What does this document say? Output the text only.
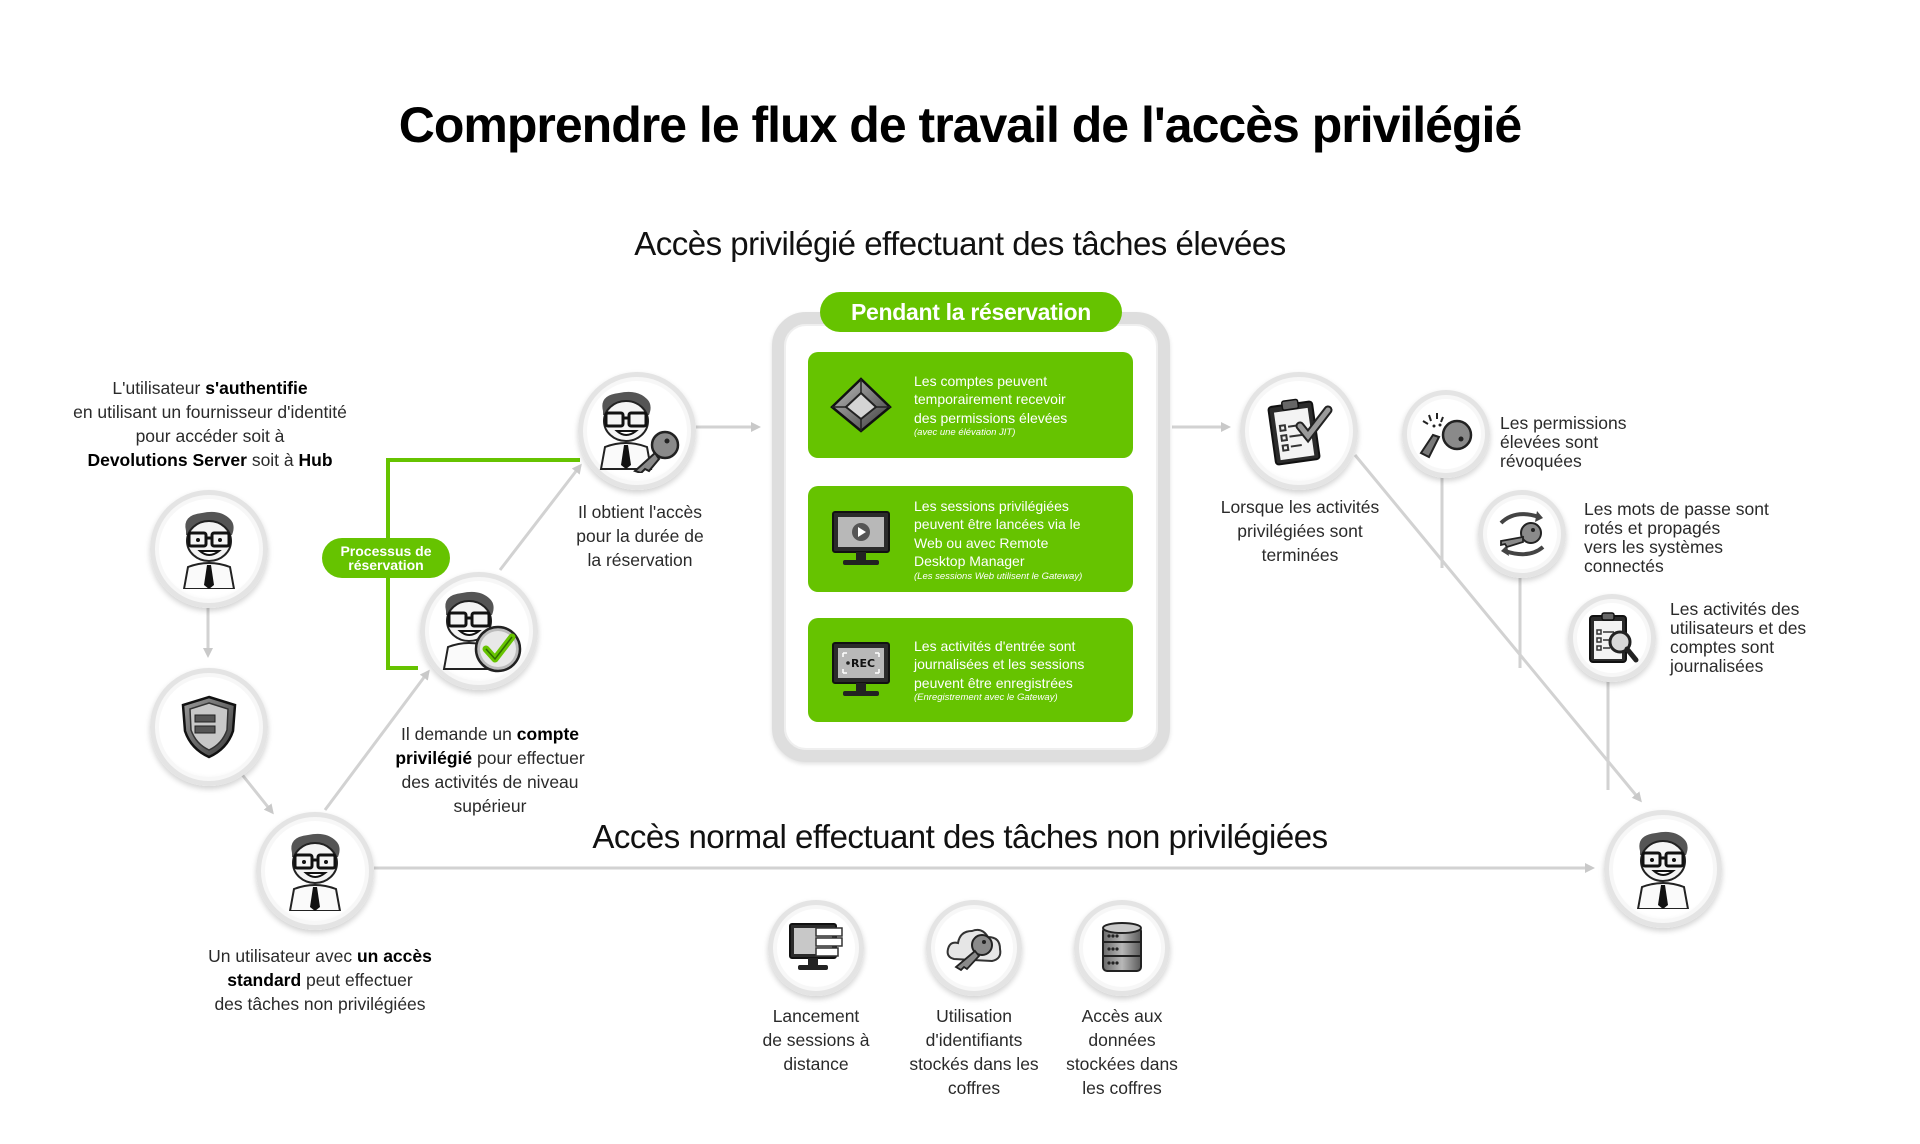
Comprendre le flux de travail de l'accès privilégié
Accès privilégié effectuant des tâches élevées
Accès normal effectuant des tâches non privilégiées
L'utilisateur s'authentifie
en utilisant un fournisseur d'identité
pour accéder soit à
Devolutions Server soit à Hub
Un utilisateur avec un accès
standard peut effectuer
des tâches non privilégiées
Processus de
réservation
Il demande un compte
privilégié pour effectuer
des activités de niveau
supérieur
Il obtient l'accès
pour la durée de
la réservation
Pendant la réservation
Les comptes peuvent
temporairement recevoir
des permissions élevées
(avec une élévation JIT)
Les sessions privilégiées
peuvent être lancées via le
Web ou avec Remote
Desktop Manager
(Les sessions Web utilisent le Gateway)
REC
Les activités d'entrée sont
journalisées et les sessions
peuvent être enregistrées
(Enregistrement avec le Gateway)
Lorsque les activités
privilégiées sont
terminées
Les permissions
élevées sont
révoquées
Les mots de passe sont
rotés et propagés
vers les systèmes
connectés
Les activités des
utilisateurs et des
comptes sont
journalisées
Lancement
de sessions à
distance
Utilisation
d'identifiants
stockés dans les
coffres
Accès aux
données
stockées dans
les coffres
